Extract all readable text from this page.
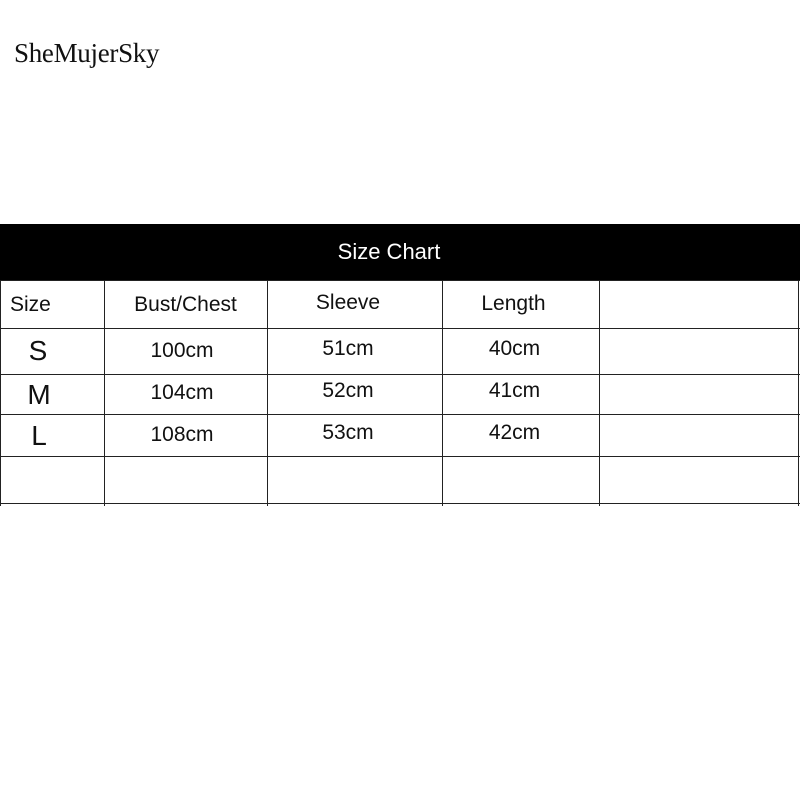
SheMujerSky
Size Chart
Size	Bust/Chest	Sleeve	Length
S	100cm	51cm	40cm
M	104cm	52cm	41cm
L	108cm	53cm	42cm
